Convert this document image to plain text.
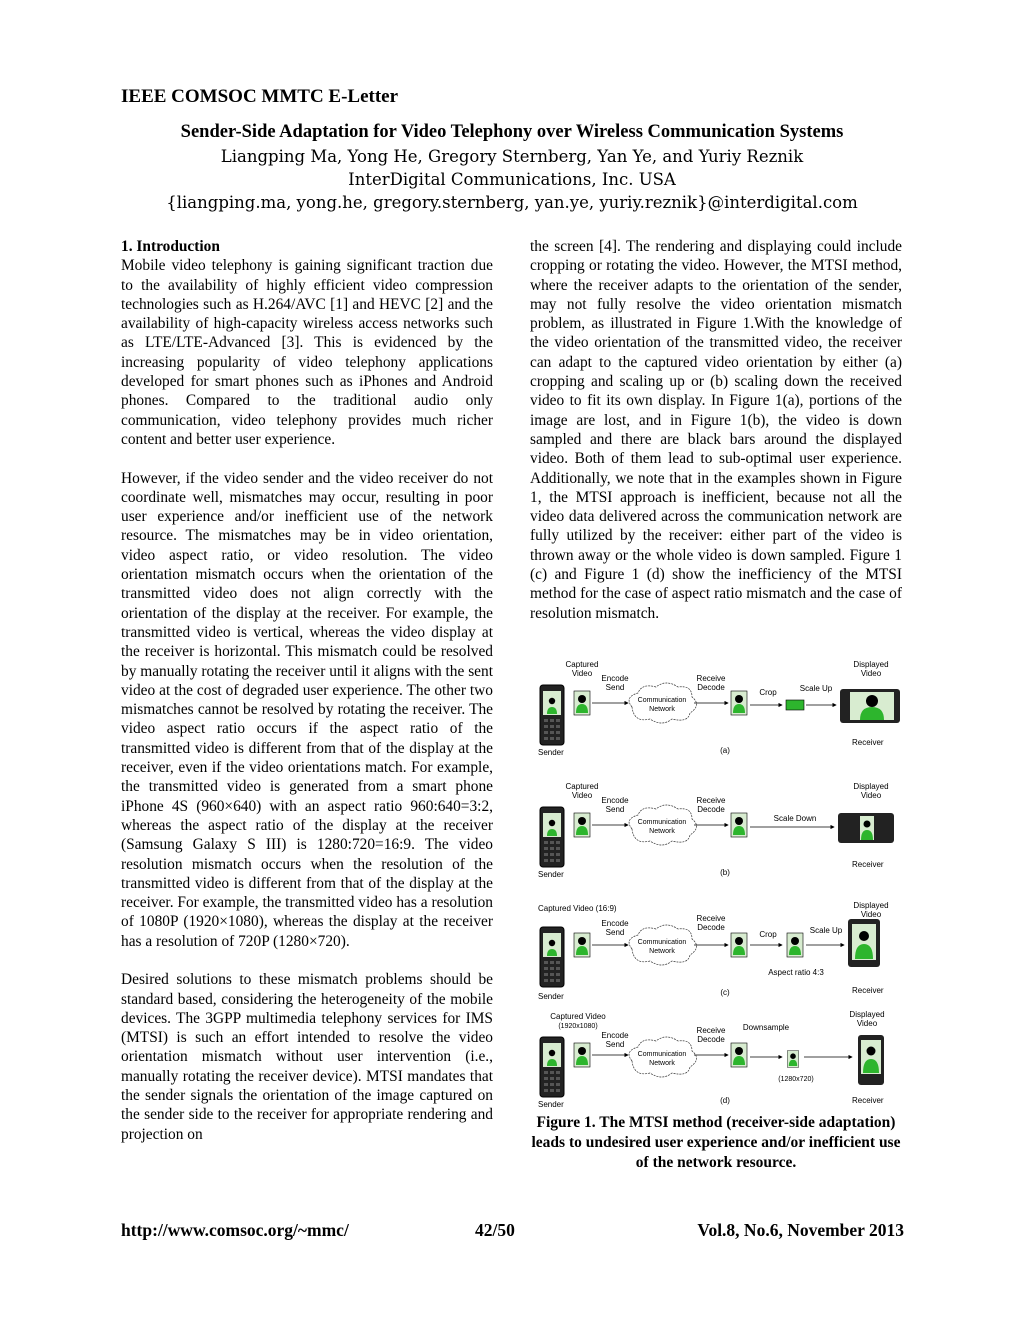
IEEE COMSOC MMTC E-Letter
Sender-Side Adaptation for Video Telephony over Wireless Communication Systems
Liangping Ma, Yong He, Gregory Sternberg, Yan Ye, and Yuriy Reznik
InterDigital Communications, Inc. USA
{liangping.ma, yong.he, gregory.sternberg, yan.ye, yuriy.reznik}@interdigital.com
1. Introduction

Mobile video telephony is gaining significant traction due to the availability of highly efficient video compression technologies such as H.264/AVC [1] and HEVC [2] and the availability of high-capacity wireless access networks such as LTE/LTE-Advanced [3]. This is evidenced by the increasing popularity of video telephony applications developed for smart phones such as iPhones and Android phones. Compared to the traditional audio only communication, video telephony provides much richer content and better user experience.

However, if the video sender and the video receiver do not coordinate well, mismatches may occur, resulting in poor user experience and/or inefficient use of the network resource. The mismatches may be in video orientation, video aspect ratio, or video resolution. The video orientation mismatch occurs when the orientation of the transmitted video does not align correctly with the orientation of the display at the receiver. For example, the transmitted video is vertical, whereas the video display at the receiver is horizontal. This mismatch could be resolved by manually rotating the receiver until it aligns with the sent video at the cost of degraded user experience. The other two mismatches cannot be resolved by rotating the receiver. The video aspect ratio occurs if the aspect ratio of the transmitted video is different from that of the display at the receiver, even if the video orientations match. For example, the transmitted video is generated from a smart phone iPhone 4S (960×640) with an aspect ratio 960:640=3:2, whereas the aspect ratio of the display at the receiver (Samsung Galaxy S III) is 1280:720=16:9. The video resolution mismatch occurs when the resolution of the transmitted video is different from that of the display at the receiver. For example, the transmitted video has a resolution of 1080P (1920×1080), whereas the display at the receiver has a resolution of 720P (1280×720).

Desired solutions to these mismatch problems should be standard based, considering the heterogeneity of the mobile devices. The 3GPP multimedia telephony services for IMS (MTSI) is such an effort intended to resolve the video orientation mismatch without user intervention (i.e., manually rotating the receiver device). MTSI mandates that the sender signals the orientation of the image captured on the sender side to the receiver for appropriate rendering and projection on

the screen [4]. The rendering and displaying could include cropping or rotating the video. However, the MTSI method, where the receiver adapts to the orientation of the sender, may not fully resolve the video orientation mismatch problem, as illustrated in Figure 1.With the knowledge of the video orientation of the transmitted video, the receiver can adapt to the captured video orientation by either (a) cropping and scaling up or (b) scaling down the received video to fit its own display. In Figure 1(a), portions of the image are lost, and in Figure 1(b), the video is down sampled and there are black bars around the displayed video. Both of them lead to sub-optimal user experience. Additionally, we note that in the examples shown in Figure 1, the MTSI approach is inefficient, because not all the video data delivered across the communication network are fully utilized by the receiver: either part of the video is thrown away or the whole video is down sampled. Figure 1 (c) and Figure 1 (d) show the inefficiency of the MTSI method for the case of aspect ratio mismatch and the case of resolution mismatch.

Captured
Video
Encode
Send
Communication
Network
Receive
Decode
Crop	Scale Up
Displayed
Video
Sender
Receiver
(a)
Captured
Video
Encode
Send
Communication
Network
Receive
Decode
Scale Down
Displayed
Video
Sender
Receiver
(b)
Captured Video (16:9)
Encode
Send
Communication
Network
Receive
Decode
Crop	Scale Up
Aspect ratio 4:3
Displayed
Video
Sender
Receiver
(c)
Captured Video
(1920x1080)
Encode
Send
Communication
Network
Receive
Decode
Downsample
(1280x720)
Displayed
Video
Sender	Receiver
(d)
Figure 1. The MTSI method (receiver-side adaptation) leads to undesired user experience and/or inefficient use of the network resource.
http://www.comsoc.org/~mmc/	42/50	Vol.8, No.6, November 2013
